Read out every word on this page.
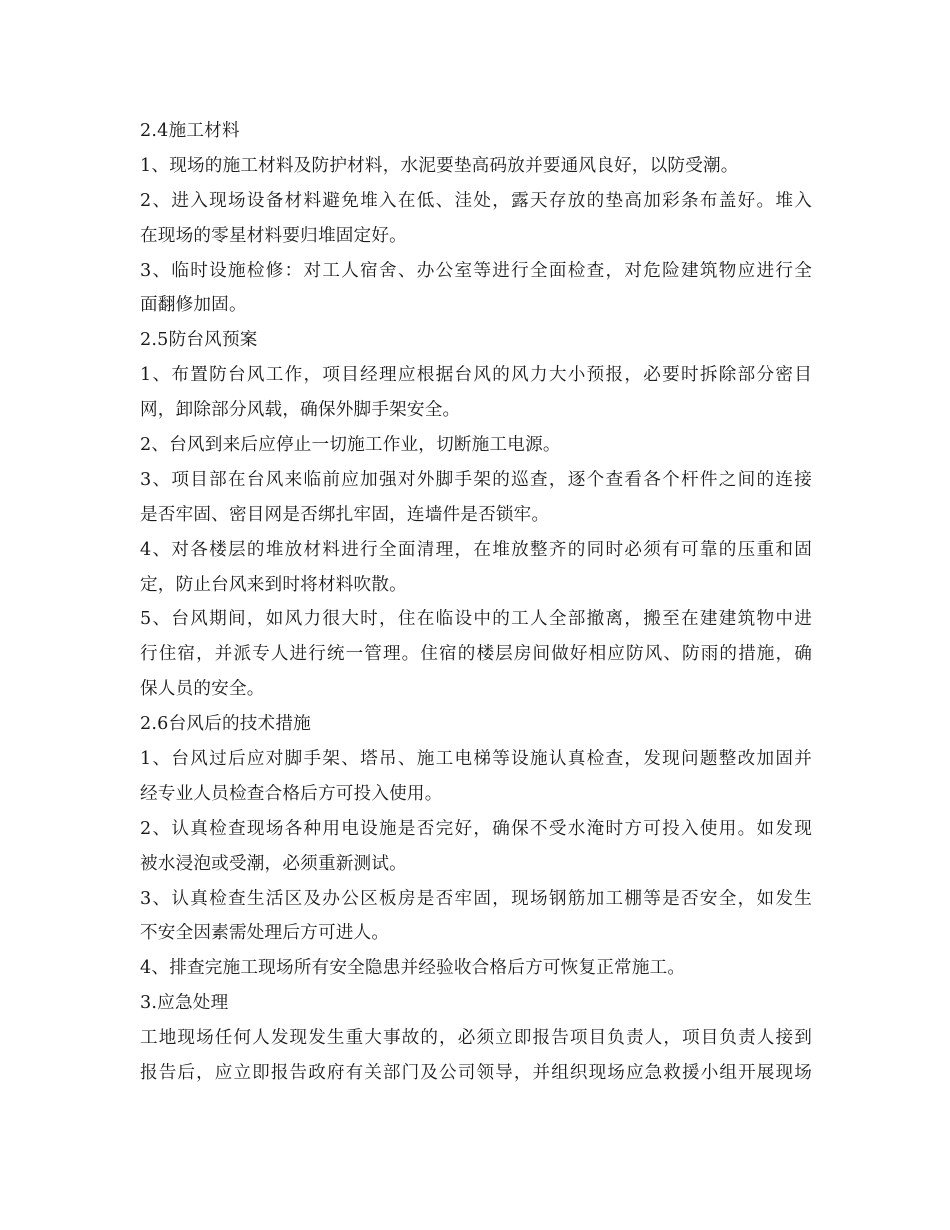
2.4施工材料
1、现场的施工材料及防护材料，水泥要垫高码放并要通风良好，以防受潮。
2、进入现场设备材料避免堆入在低、洼处，露天存放的垫高加彩条布盖好。堆入
在现场的零星材料要归堆固定好。
3、临时设施检修：对工人宿舍、办公室等进行全面检查，对危险建筑物应进行全
面翻修加固。
2.5防台风预案
1、布置防台风工作，项目经理应根据台风的风力大小预报，必要时拆除部分密目
网，卸除部分风载，确保外脚手架安全。
2、台风到来后应停止一切施工作业，切断施工电源。
3、项目部在台风来临前应加强对外脚手架的巡查，逐个查看各个杆件之间的连接
是否牢固、密目网是否绑扎牢固，连墙件是否锁牢。
4、对各楼层的堆放材料进行全面清理，在堆放整齐的同时必须有可靠的压重和固
定，防止台风来到时将材料吹散。
5、台风期间，如风力很大时，住在临设中的工人全部撤离，搬至在建建筑物中进
行住宿，并派专人进行统一管理。住宿的楼层房间做好相应防风、防雨的措施，确
保人员的安全。
2.6台风后的技术措施
1、台风过后应对脚手架、塔吊、施工电梯等设施认真检查，发现问题整改加固并
经专业人员检查合格后方可投入使用。
2、认真检查现场各种用电设施是否完好，确保不受水淹时方可投入使用。如发现
被水浸泡或受潮，必须重新测试。
3、认真检查生活区及办公区板房是否牢固，现场钢筋加工棚等是否安全，如发生
不安全因素需处理后方可进人。
4、排查完施工现场所有安全隐患并经验收合格后方可恢复正常施工。
3.应急处理
工地现场任何人发现发生重大事故的，必须立即报告项目负责人，项目负责人接到
报告后，应立即报告政府有关部门及公司领导，并组织现场应急救援小组开展现场
